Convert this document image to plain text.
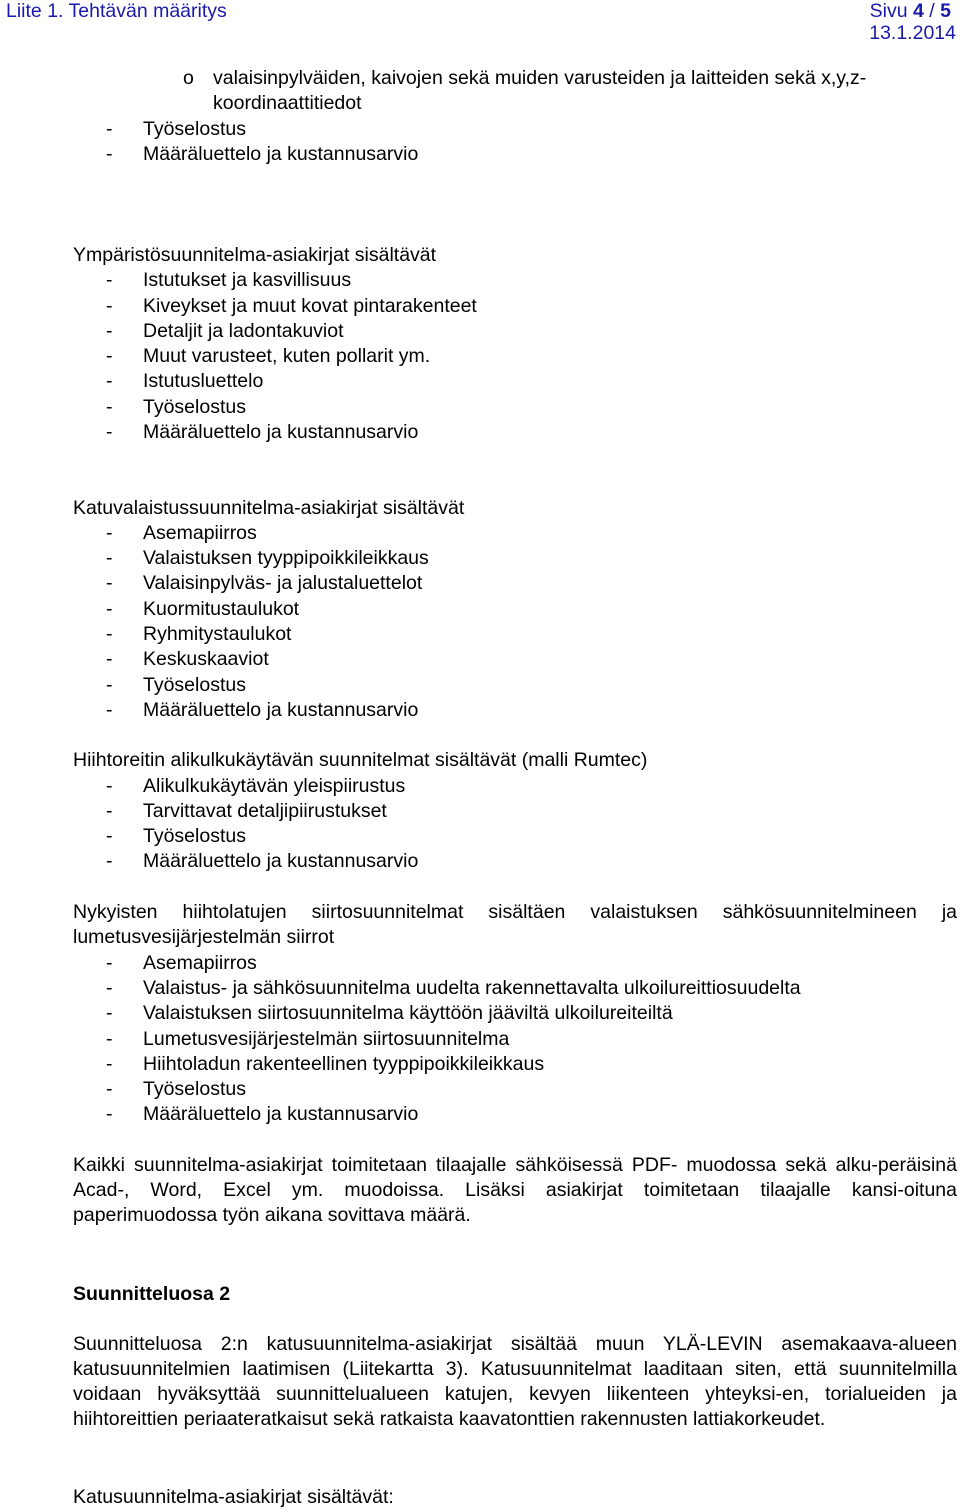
Liite 1. Tehtävän määritys	Sivu 4 / 5
13.1.2014
o valaisinpylväiden, kaivojen sekä muiden varusteiden ja laitteiden sekä x,y,z-
koordinaattitiedot
- Työselostus
- Määräluettelo ja kustannusarvio
Ympäristösuunnitelma-asiakirjat sisältävät
- Istutukset ja kasvillisuus
- Kiveykset ja muut kovat pintarakenteet
- Detaljit ja ladontakuviot
- Muut varusteet, kuten pollarit ym.
- Istutusluettelo
- Työselostus
- Määräluettelo ja kustannusarvio
Katuvalaistussuunnitelma-asiakirjat sisältävät
- Asemapiirros
- Valaistuksen tyyppipoikkileikkaus
- Valaisinpylväs- ja jalustaluettelot
- Kuormitustaulukot
- Ryhmitystaulukot
- Keskuskaaviot
- Työselostus
- Määräluettelo ja kustannusarvio
Hiihtoreitin alikulkukäytävän suunnitelmat sisältävät (malli Rumtec)
- Alikulkukäytävän yleispiirustus
- Tarvittavat detaljipiirustukset
- Työselostus
- Määräluettelo ja kustannusarvio
Nykyisten hiihtolatujen siirtosuunnitelmat sisältäen valaistuksen sähkösuunnitelmineen ja lumetusvesijärjestelmän siirrot
- Asemapiirros
- Valaistus- ja sähkösuunnitelma uudelta rakennettavalta ulkoilureittiosuudelta
- Valaistuksen siirtosuunnitelma käyttöön jääviltä ulkoilureiteiltä
- Lumetusvesijärjestelmän siirtosuunnitelma
- Hiihtoladun rakenteellinen tyyppipoikkileikkaus
- Työselostus
- Määräluettelo ja kustannusarvio
Kaikki suunnitelma-asiakirjat toimitetaan tilaajalle sähköisessä PDF- muodossa sekä alku-peräisinä Acad-, Word, Excel ym. muodoissa. Lisäksi asiakirjat toimitetaan tilaajalle kansi-oituna paperimuodossa työn aikana sovittava määrä.
Suunnitteluosa 2
Suunnitteluosa 2:n katusuunnitelma-asiakirjat sisältää muun YLÄ-LEVIN asemakaava-alueen katusuunnitelmien laatimisen (Liitekartta 3). Katusuunnitelmat laaditaan siten, että suunnitelmilla voidaan hyväksyttää suunnittelualueen katujen, kevyen liikenteen yhteyksi-en, torialueiden ja hiihtoreittien periaateratkaisut sekä ratkaista kaavatonttien rakennusten lattiakorkeudet.
Katusuunnitelma-asiakirjat sisältävät:
